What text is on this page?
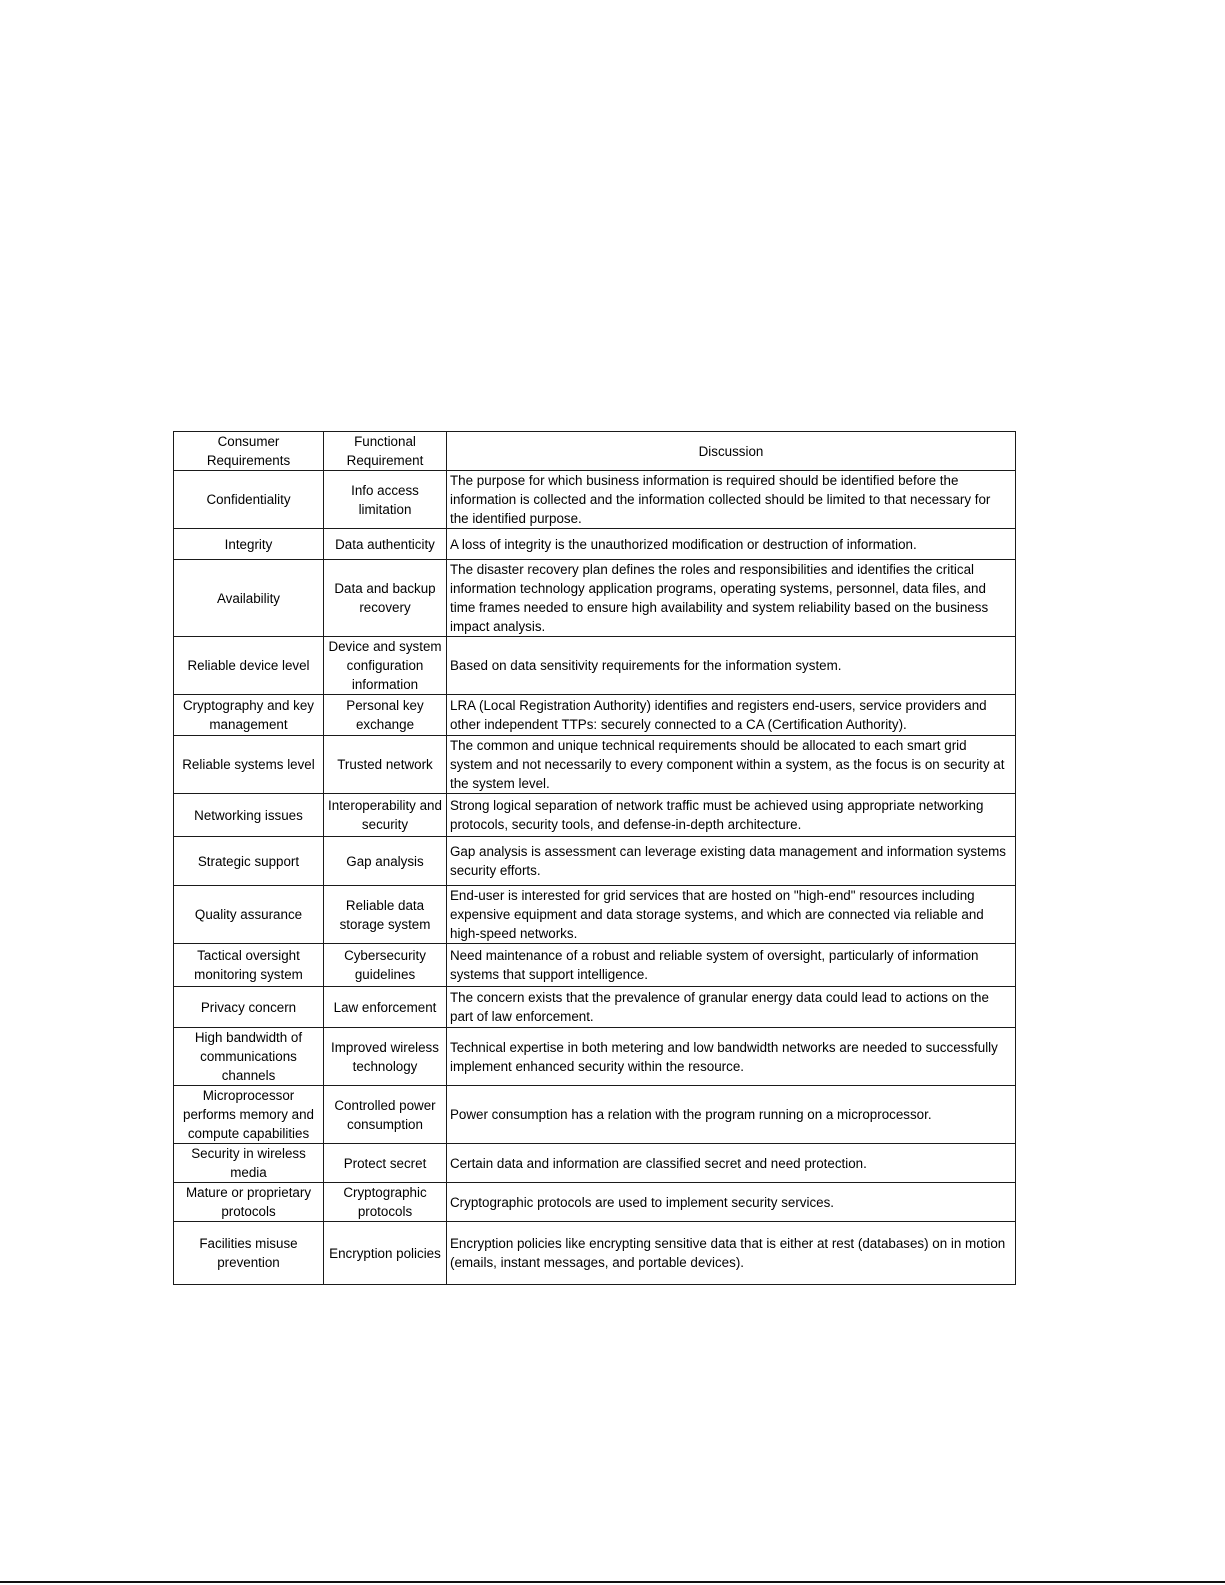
Consumer Requirements	Functional Requirement	Discussion
Confidentiality	Info access limitation	The purpose for which business information is required should be identified before the information is collected and the information collected should be limited to that necessary for the identified purpose.
Integrity	Data authenticity	A loss of integrity is the unauthorized modification or destruction of information.
Availability	Data and backup recovery	The disaster recovery plan defines the roles and responsibilities and identifies the critical information technology application programs, operating systems, personnel, data files, and time frames needed to ensure high availability and system reliability based on the business impact analysis.
Reliable device level	Device and system configuration information	Based on data sensitivity requirements for the information system.
Cryptography and key management	Personal key exchange	LRA (Local Registration Authority) identifies and registers end-users, service providers and other independent TTPs: securely connected to a CA (Certification Authority).
Reliable systems level	Trusted network	The common and unique technical requirements should be allocated to each smart grid system and not necessarily to every component within a system, as the focus is on security at the system level.
Networking issues	Interoperability and security	Strong logical separation of network traffic must be achieved using appropriate networking protocols, security tools, and defense-in-depth architecture.
Strategic support	Gap analysis	Gap analysis is assessment can leverage existing data management and information systems security efforts.
Quality assurance	Reliable data storage system	End-user is interested for grid services that are hosted on "high-end" resources including expensive equipment and data storage systems, and which are connected via reliable and high-speed networks.
Tactical oversight monitoring system	Cybersecurity guidelines	Need maintenance of a robust and reliable system of oversight, particularly of information systems that support intelligence.
Privacy concern	Law enforcement	The concern exists that the prevalence of granular energy data could lead to actions on the part of law enforcement.
High bandwidth of communications channels	Improved wireless technology	Technical expertise in both metering and low bandwidth networks are needed to successfully implement enhanced security within the resource.
Microprocessor performs memory and compute capabilities	Controlled power consumption	Power consumption has a relation with the program running on a microprocessor.
Security in wireless media	Protect secret	Certain data and information are classified secret and need protection.
Mature or proprietary protocols	Cryptographic protocols	Cryptographic protocols are used to implement security services.
Facilities misuse prevention	Encryption policies	Encryption policies like encrypting sensitive data that is either at rest (databases) on in motion (emails, instant messages, and portable devices).
